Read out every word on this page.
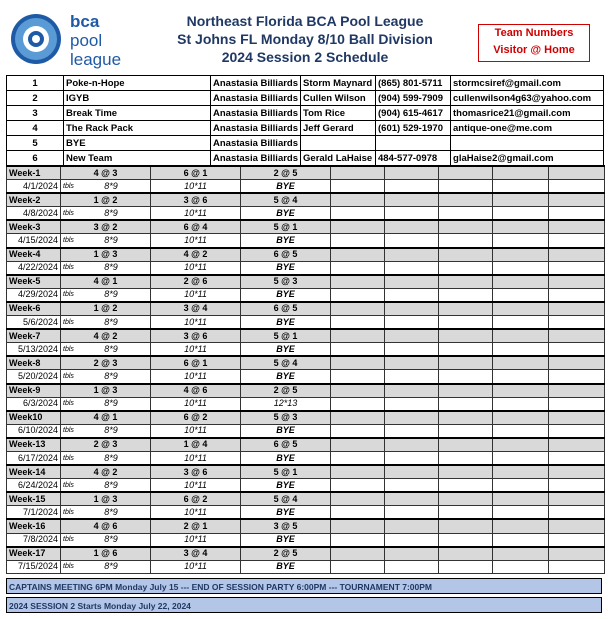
bca
pool
league
Northeast Florida BCA Pool League
St Johns FL Monday 8/10 Ball Division
2024 Session 2 Schedule
Team Numbers
Visitor @ Home
1	Poke-n-Hope	Anastasia Billiards	Storm Maynard	(865) 801-5711	stormcsiref@gmail.com
2	IGYB	Anastasia Billiards	Cullen Wilson	(904) 599-7909	cullenwilson4g63@yahoo.com
3	Break Time	Anastasia Billiards	Tom Rice	(904) 615-4617	thomasrice21@gmail.com
4	The Rack Pack	Anastasia Billiards	Jeff Gerard	(601) 529-1970	antique-one@me.com
5	BYE	Anastasia Billiards			
6	New Team	Anastasia Billiards	Gerald LaHaise	484-577-0978	glaHaise2@gmail.com
Week-1	4 @ 3	6 @ 1	2 @ 5					
4/1/2024	tbls 8*9	10*11	BYE					
Week-2	1 @ 2	3 @ 6	5 @ 4					
4/8/2024	tbls 8*9	10*11	BYE					
Week-3	3 @ 2	6 @ 4	5 @ 1					
4/15/2024	tbls 8*9	10*11	BYE					
Week-4	1 @ 3	4 @ 2	6 @ 5					
4/22/2024	tbls 8*9	10*11	BYE					
Week-5	4 @ 1	2 @ 6	5 @ 3					
4/29/2024	tbls 8*9	10*11	BYE					
Week-6	1 @ 2	3 @ 4	6 @ 5					
5/6/2024	tbls 8*9	10*11	BYE					
Week-7	4 @ 2	3 @ 6	5 @ 1					
5/13/2024	tbls 8*9	10*11	BYE					
Week-8	2 @ 3	6 @ 1	5 @ 4					
5/20/2024	tbls 8*9	10*11	BYE					
Week-9	1 @ 3	4 @ 6	2 @ 5					
6/3/2024	tbls 8*9	10*11	12*13					
Week10	4 @ 1	6 @ 2	5 @ 3					
6/10/2024	tbls 8*9	10*11	BYE					
Week-13	2 @ 3	1 @ 4	6 @ 5					
6/17/2024	tbls 8*9	10*11	BYE					
Week-14	4 @ 2	3 @ 6	5 @ 1					
6/24/2024	tbls 8*9	10*11	BYE					
Week-15	1 @ 3	6 @ 2	5 @ 4					
7/1/2024	tbls 8*9	10*11	BYE					
Week-16	4 @ 6	2 @ 1	3 @ 5					
7/8/2024	tbls 8*9	10*11	BYE					
Week-17	1 @ 6	3 @ 4	2 @ 5					
7/15/2024	tbls 8*9	10*11	BYE					
CAPTAINS MEETING 6PM Monday July 15 --- END OF SESSION PARTY 6:00PM --- TOURNAMENT 7:00PM
2024 SESSION 2 Starts Monday July 22, 2024
